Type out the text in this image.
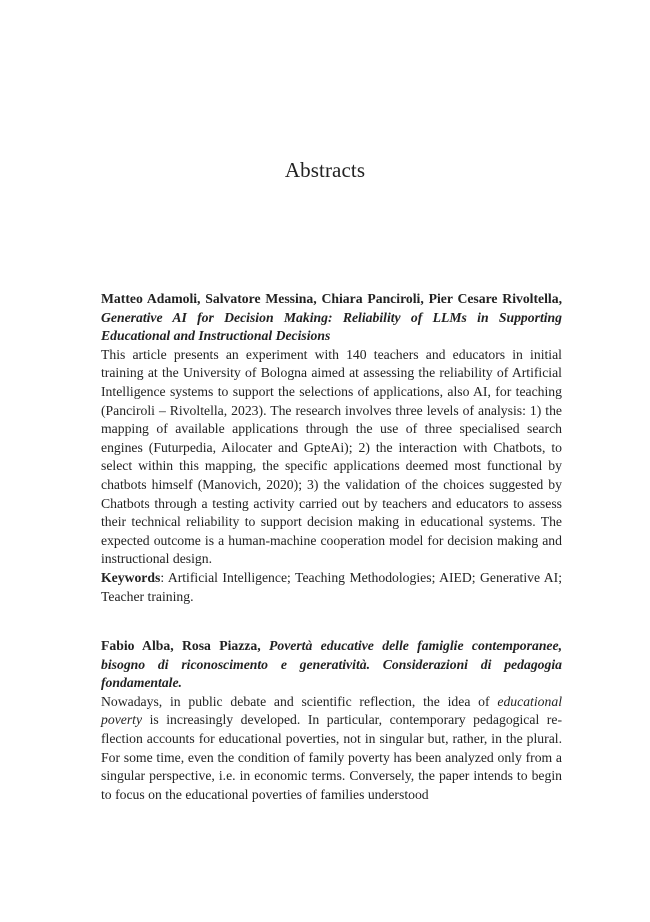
Abstracts

Matteo Adamoli, Salvatore Messina, Chiara Panciroli, Pier Cesare Rivoltella, Generative AI for Decision Making: Reliability of LLMs in Supporting Educational and Instructional Decisions

This article presents an experiment with 140 teachers and educators in initial training at the University of Bologna aimed at assessing the reliability of Artificial Intelligence systems to support the selections of applications, also AI, for teaching (Panciroli – Rivoltella, 2023). The research involves three levels of analysis: 1) the mapping of available applications through the use of three specialised search engines (Futurpedia, Ailocater and GpteAi); 2) the interaction with Chatbots, to select within this mapping, the specific applications deemed most functional by chatbots himself (Manovich, 2020); 3) the validation of the choices suggested by Chatbots through a testing activity carried out by teachers and educators to assess their technical reliability to support decision making in educational systems. The expected outcome is a human-machine cooperation model for decision making and instructional design.

Keywords: Artificial Intelligence; Teaching Methodologies; AIED; Generative AI; Teacher training.

Fabio Alba, Rosa Piazza, Povertà educative delle famiglie contemporanee, bisogno di riconoscimento e generatività. Considerazioni di pedagogia fondamentale.

Nowadays, in public debate and scientific reflection, the idea of educational poverty is increasingly developed. In particular, contemporary pedagogical reflection accounts for educational poverties, not in singular but, rather, in the plural. For some time, even the condition of family poverty has been analyzed only from a singular perspective, i.e. in economic terms. Conversely, the paper intends to begin to focus on the educational poverties of families understood
